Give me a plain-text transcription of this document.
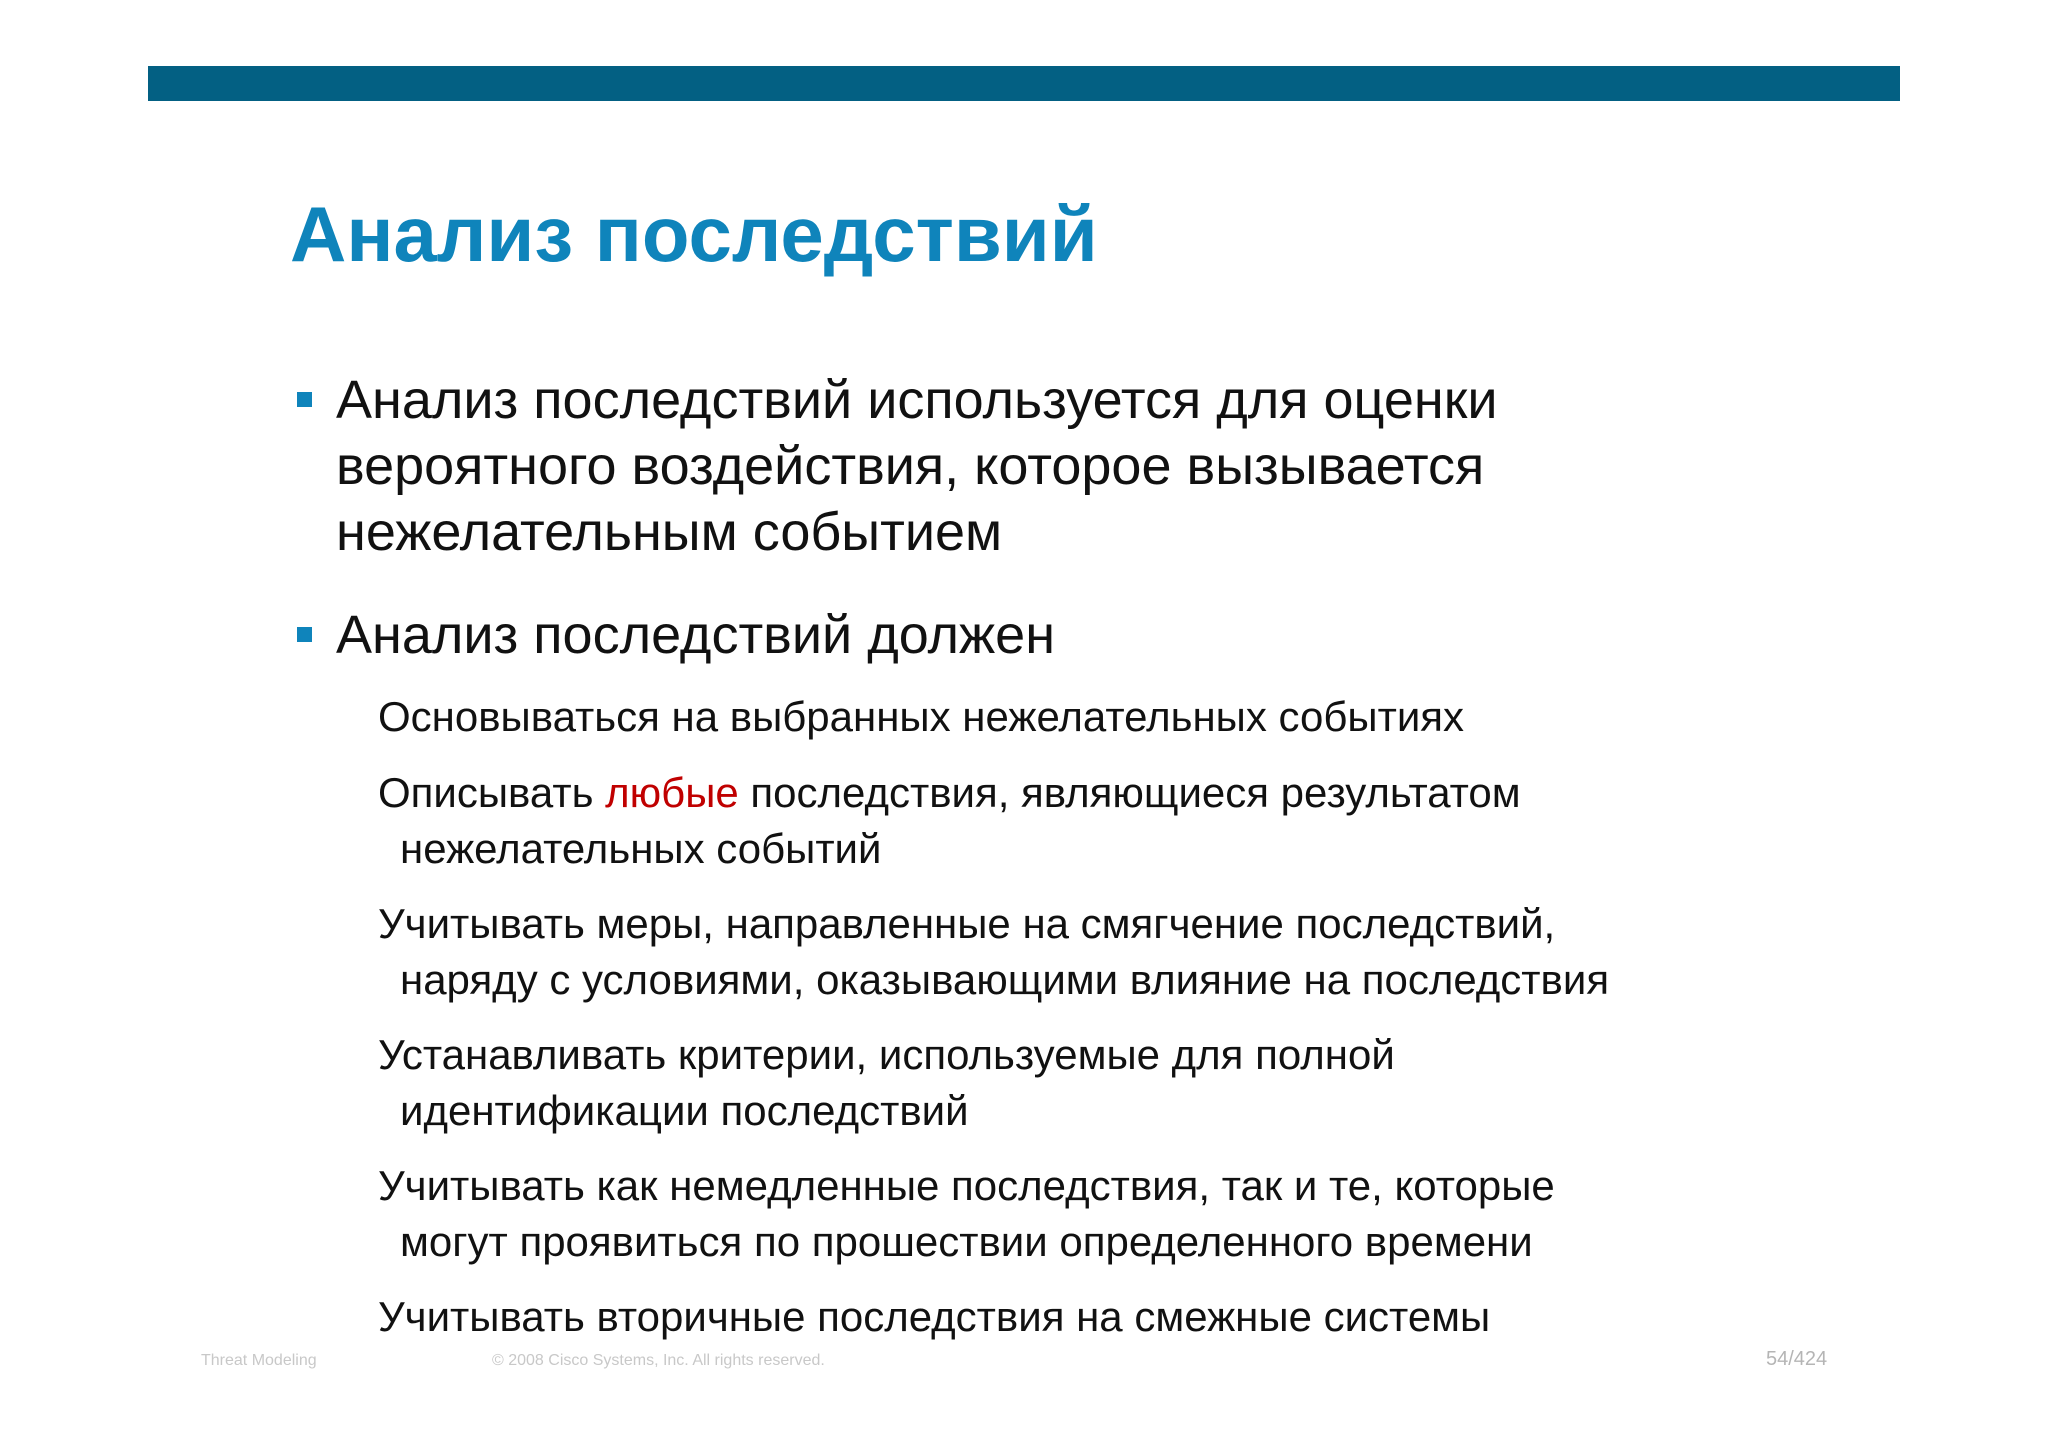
Анализ последствий
Анализ последствий используется для оценки
вероятного воздействия, которое вызывается
нежелательным событием
Анализ последствий должен
Основываться на выбранных нежелательных событиях
Описывать любые последствия, являющиеся результатом
нежелательных событий
Учитывать меры, направленные на смягчение последствий,
наряду с условиями, оказывающими влияние на последствия
Устанавливать критерии, используемые для полной
идентификации последствий
Учитывать как немедленные последствия, так и те, которые
могут проявиться по прошествии определенного времени
Учитывать вторичные последствия на смежные системы
Threat Modeling	© 2008 Cisco Systems, Inc. All rights reserved.	54/424
